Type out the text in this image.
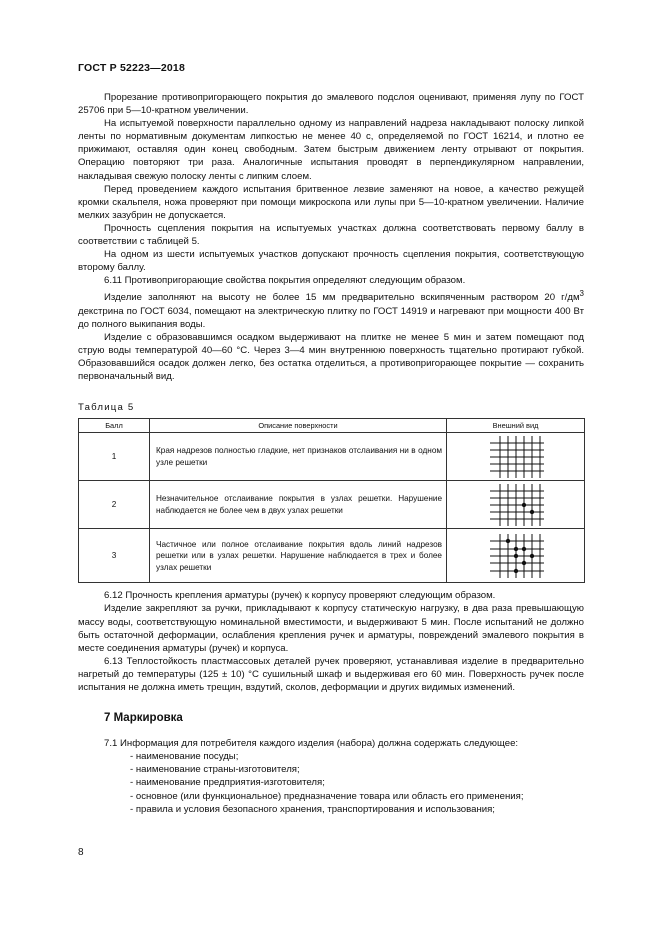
ГОСТ Р 52223—2018

Прорезание противопригорающего покрытия до эмалевого подслоя оценивают, применяя лупу по ГОСТ 25706 при 5—10-кратном увеличении.

На испытуемой поверхности параллельно одному из направлений надреза накладывают полоску липкой ленты по нормативным документам липкостью не менее 40 с, определяемой по ГОСТ 16214, и плотно ее прижимают, оставляя один конец свободным. Затем быстрым движением ленту отрывают от покрытия. Операцию повторяют три раза. Аналогичные испытания проводят в перпендикулярном направлении, накладывая свежую полоску ленты с липким слоем.

Перед проведением каждого испытания бритвенное лезвие заменяют на новое, а качество режущей кромки скальпеля, ножа проверяют при помощи микроскопа или лупы при 5—10-кратном увеличении. Наличие мелких зазубрин не допускается.

Прочность сцепления покрытия на испытуемых участках должна соответствовать первому баллу в соответствии с таблицей 5.

На одном из шести испытуемых участков допускают прочность сцепления покрытия, соответствующую второму баллу.

6.11 Противопригорающие свойства покрытия определяют следующим образом.

Изделие заполняют на высоту не более 15 мм предварительно вскипяченным раствором 20 $г/дм^3$ декстрина по ГОСТ 6034, помещают на электрическую плитку по ГОСТ 14919 и нагревают при мощности 400 Вт до полного выкипания воды.

Изделие с образовавшимся осадком выдерживают на плитке не менее 5 мин и затем помещают под струю воды температурой 40—60 °С. Через 3—4 мин внутреннюю поверхность тщательно протирают губкой. Образовавшийся осадок должен легко, без остатка отделиться, а противопригорающее покрытие — сохранить первоначальный вид.

Таблица 5
Балл	Описание поверхности	Внешний вид
1	Края надрезов полностью гладкие, нет признаков отслаивания ни в одном узле решетки	

2	Незначительное отслаивание покрытия в узлах решетки. Нарушение наблюдается не более чем в двух узлах решетки	

3	Частичное или полное отслаивание покрытия вдоль линий надрезов решетки или в узлах решетки. Нарушение наблюдается в трех и более узлах решетки	

6.12 Прочность крепления арматуры (ручек) к корпусу проверяют следующим образом.

Изделие закрепляют за ручки, прикладывают к корпусу статическую нагрузку, в два раза превышающую массу воды, соответствующую номинальной вместимости, и выдерживают 5 мин. После испытаний не должно быть остаточной деформации, ослабления крепления ручек и арматуры, повреждений эмалевого покрытия в месте соединения арматуры (ручек) и корпуса.

6.13 Теплостойкость пластмассовых деталей ручек проверяют, устанавливая изделие в предварительно нагретый до температуры (125 ± 10) °С сушильный шкаф и выдерживая его 60 мин. Поверхность ручек после испытания не должна иметь трещин, вздутий, сколов, деформации и других видимых изменений.

7 Маркировка

7.1 Информация для потребителя каждого изделия (набора) должна содержать следующее:

- наименование посуды;

- наименование страны-изготовителя;

- наименование предприятия-изготовителя;

- основное (или функциональное) предназначение товара или область его применения;

- правила и условия безопасного хранения, транспортирования и использования;

8
